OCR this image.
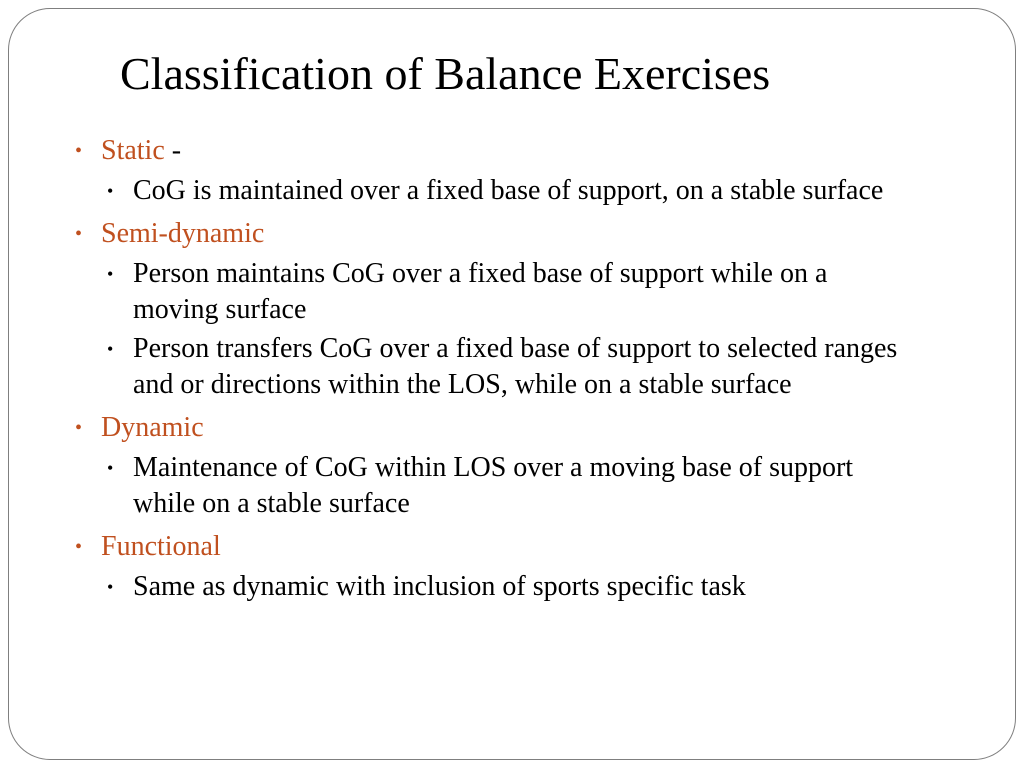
Classification of Balance Exercises
• Static -
• CoG is maintained over a fixed base of support, on a stable surface
• Semi-dynamic
• Person maintains CoG over a fixed base of support while on a moving surface
• Person transfers CoG over a fixed base of support to selected ranges and or directions within the LOS, while on a stable surface
• Dynamic
• Maintenance of CoG within LOS over a moving base of support while on a stable surface
• Functional
• Same as dynamic with inclusion of sports specific task
